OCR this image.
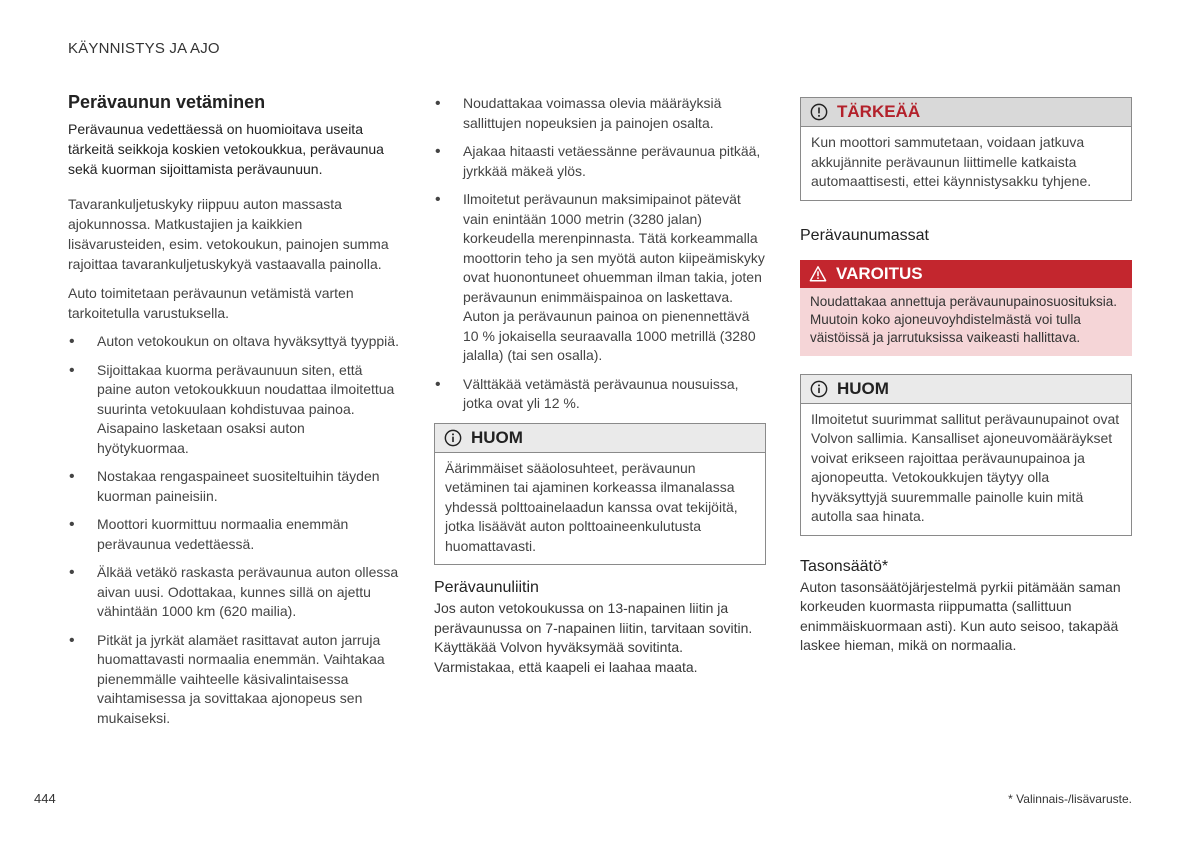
KÄYNNISTYS JA AJO
Perävaunun vetäminen
Perävaunua vedettäessä on huomioitava useita tärkeitä seikkoja koskien vetokoukkua, perävaunua sekä kuorman sijoittamista perävaunuun.

Tavarankuljetuskyky riippuu auton massasta ajokunnossa. Matkustajien ja kaikkien lisävarusteiden, esim. vetokoukun, painojen summa rajoittaa tavarankuljetuskykyä vastaavalla painolla.

Auto toimitetaan perävaunun vetämistä varten tarkoitetulla varustuksella.

• Auton vetokoukun on oltava hyväksyttyä tyyppiä.
• Sijoittakaa kuorma perävaunuun siten, että paine auton vetokoukkuun noudattaa ilmoitettua suurinta vetokuulaan kohdistuvaa painoa. Aisapaino lasketaan osaksi auton hyötykuormaa.
• Nostakaa rengaspaineet suositeltuihin täyden kuorman paineisiin.
• Moottori kuormittuu normaalia enemmän perävaunua vedettäessä.
• Älkää vetäkö raskasta perävaunua auton ollessa aivan uusi. Odottakaa, kunnes sillä on ajettu vähintään 1000 km (620 mailia).
• Pitkät ja jyrkät alamäet rasittavat auton jarruja huomattavasti normaalia enemmän. Vaihtakaa pienemmälle vaihteelle käsivalintaisessa vaihtamisessa ja sovittakaa ajonopeus sen mukaiseksi.
• Noudattakaa voimassa olevia määräyksiä sallittujen nopeuksien ja painojen osalta.
• Ajakaa hitaasti vetäessänne perävaunua pitkää, jyrkkää mäkeä ylös.
• Ilmoitetut perävaunun maksimipainot pätevät vain enintään 1000 metrin (3280 jalan) korkeudella merenpinnasta. Tätä korkeammalla moottorin teho ja sen myötä auton kiipeämiskyky ovat huonontuneet ohuemman ilman takia, joten perävaunun enimmäispainoa on laskettava. Auton ja perävaunun painoa on pienennettävä 10 % jokaisella seuraavalla 1000 metrillä (3280 jalalla) (tai sen osalla).
• Välttäkää vetämästä perävaunua nousuissa, jotka ovat yli 12 %.
HUOM
Äärimmäiset sääolosuhteet, perävaunun vetäminen tai ajaminen korkeassa ilmanalassa yhdessä polttoainelaadun kanssa ovat tekijöitä, jotka lisäävät auton polttoaineenkulutusta huomattavasti.
Perävaunuliitin
Jos auton vetokoukussa on 13-napainen liitin ja perävaunussa on 7-napainen liitin, tarvitaan sovitin. Käyttäkää Volvon hyväksymää sovitinta. Varmistakaa, että kaapeli ei laahaa maata.
TÄRKEÄÄ
Kun moottori sammutetaan, voidaan jatkuva akkujännite perävaunun liittimelle katkaista automaattisesti, ettei käynnistysakku tyhjene.
Perävaunumassat
VAROITUS
Noudattakaa annettuja perävaunupainosuosituksia. Muutoin koko ajoneuvoyhdistelmästä voi tulla väistöissä ja jarrutuksissa vaikeasti hallittava.
HUOM
Ilmoitetut suurimmat sallitut perävaunupainot ovat Volvon sallimia. Kansalliset ajoneuvomääräykset voivat erikseen rajoittaa perävaunupainoa ja ajonopeutta. Vetokoukkujen täytyy olla hyväksyttyjä suuremmalle painolle kuin mitä autolla saa hinata.
Tasonsäätö*
Auton tasonsäätöjärjestelmä pyrkii pitämään saman korkeuden kuormasta riippumatta (sallittuun enimmäiskuormaan asti). Kun auto seisoo, takapää laskee hieman, mikä on normaalia.
444	* Valinnais-/lisävaruste.
